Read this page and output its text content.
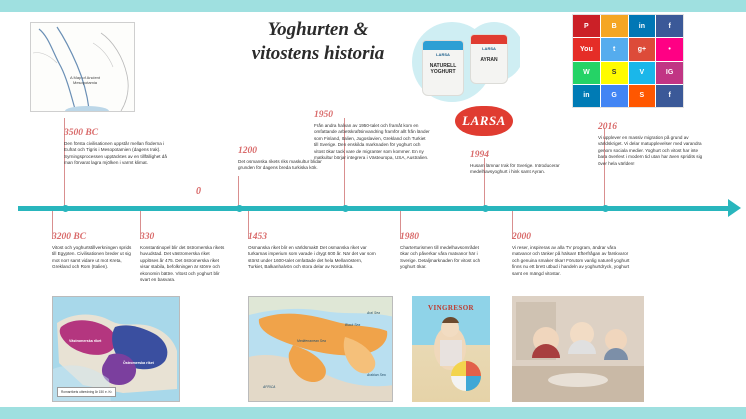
Yoghurten &
vitostens historia
A Map of Ancient Mesopotamia
LARSA
NATURELL YOGHURT
LARSA
AYRAN
LARSA
P	B	in	f
You	t	g+	•
W	S	V	IG
in	G	S	f
Västromerska riket
Östromerska riket
Romarrikets utbredning år 150 e. Kr.
Mediterranean Sea
Black Sea
Aral Sea
Arabian Sea
AFRICA
VINGRESOR
0
3500 BC
Den första civilisationen uppstår mellan floderna i Eufrat och Tigris i Mesopotamien (dagens Irak). Syrningsprocessen upptäcktes av en tillfällighet då man förvarat lagra mjölken i varmt klimat.
1200
Det osmanska rikets riks maskultur blidar grunden för dagens breda turkiska kök.
1950
Från andra halvan av 1950-talet och framåt kom en omfattande arbetskraftsinvandring framför allt från länder som Finland, Italien, Jugoslavien, Grekland och Turkiet till Sverige. Den enskilda marknaden för yoghurt och vitost ökar tack vare de migranter som kommer. En ny matkultur börjar integrera i Västeuropa, USA, Australien.	1994
Husam lämnar Irak för Sverige. Introducerar medelhavsyoghurt i hink samt Ayran.
2016
Vi upplever en massiv migration på grund av världskriget. Vi delar matupplevelser med varandra genom sociala medier. Yoghurt och vitost har inte bara överlevt i modern tid utan har även spridits sig över hela världen!
3200 BC
Vitost och yoghurtstillverkningen sprids till Egypten. Civilisationen breder ut sig mot norr samt vidare ut mot Kreta, Grekland och Rom (Italien).
330
Konstantinopel blir det östromerska rikets huvudstad. Det västromerska riket upplöses år 475. Det östromerska riket visar stabila, befolkningen är större och ekonomin bättre. Vitost och yoghurt blir svart en basvara.
1453
Osmanska riket blir en världsmakt! Det osmanska riket var turkarnas imperium som varade i drygt 600 år. När det var som störst under 1600-talet omfattade det hela Mellanöstern, Turkiet, Balkanhalvön och stora delar av Nordafrika.
1980
Charterturismen till medelhavsområdet ökar och påverkar våra matvanor här i Sverige. Detaljmarknaden för vitost och yoghurt ökar.
2000
Vi reser, inspireras av alla TV program, ändrar våra matvanor och tänker på hälsan! Efterfrågan av färskvaror och genuina smaker ökar! Förutom vanlig naturell yoghurt finns nu ett brett utbud i handeln av yoghurtdryck, yoghurt samt en mängd vitostar.
